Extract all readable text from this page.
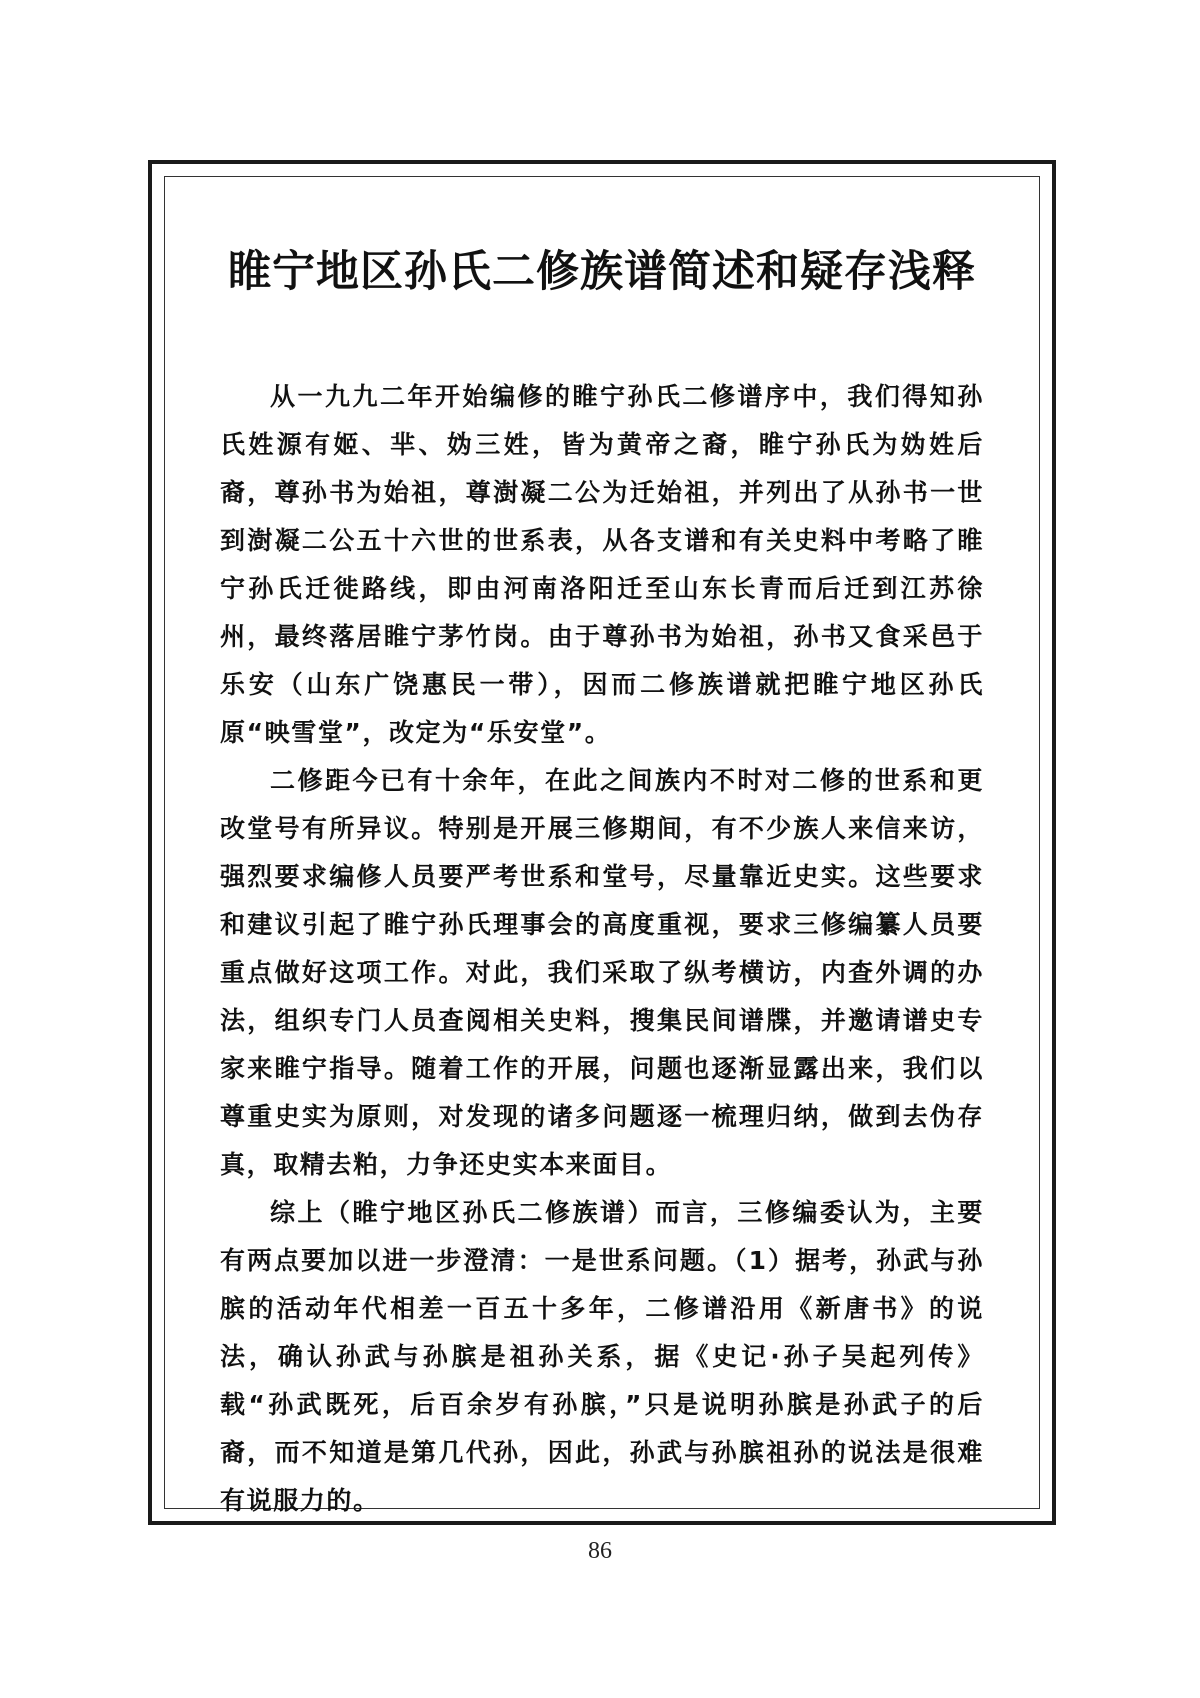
睢宁地区孙氏二修族谱简述和疑存浅释

从一九九二年开始编修的睢宁孙氏二修谱序中，我们得知孙氏姓源有姬、芈、妫三姓，皆为黄帝之裔，睢宁孙氏为妫姓后裔，尊孙书为始祖，尊澍凝二公为迁始祖，并列出了从孙书一世到澍凝二公五十六世的世系表，从各支谱和有关史料中考略了睢宁孙氏迁徙路线，即由河南洛阳迁至山东长青而后迁到江苏徐州，最终落居睢宁茅竹岗。由于尊孙书为始祖，孙书又食采邑于乐安（山东广饶惠民一带），因而二修族谱就把睢宁地区孙氏原“映雪堂”，改定为“乐安堂”。

二修距今已有十余年，在此之间族内不时对二修的世系和更改堂号有所异议。特别是开展三修期间，有不少族人来信来访，强烈要求编修人员要严考世系和堂号，尽量靠近史实。这些要求和建议引起了睢宁孙氏理事会的高度重视，要求三修编纂人员要重点做好这项工作。对此，我们采取了纵考横访，内查外调的办法，组织专门人员查阅相关史料，搜集民间谱牒，并邀请谱史专家来睢宁指导。随着工作的开展，问题也逐渐显露出来，我们以尊重史实为原则，对发现的诸多问题逐一梳理归纳，做到去伪存真，取精去粕，力争还史实本来面目。

综上（睢宁地区孙氏二修族谱）而言，三修编委认为，主要有两点要加以进一步澄清：一是世系问题。（1）据考，孙武与孙膑的活动年代相差一百五十多年，二修谱沿用《新唐书》的说法，确认孙武与孙膑是祖孙关系，据《史记·孙子吴起列传》载“孙武既死，后百余岁有孙膑，”只是说明孙膑是孙武子的后裔，而不知道是第几代孙，因此，孙武与孙膑祖孙的说法是很难有说服力的。

86
